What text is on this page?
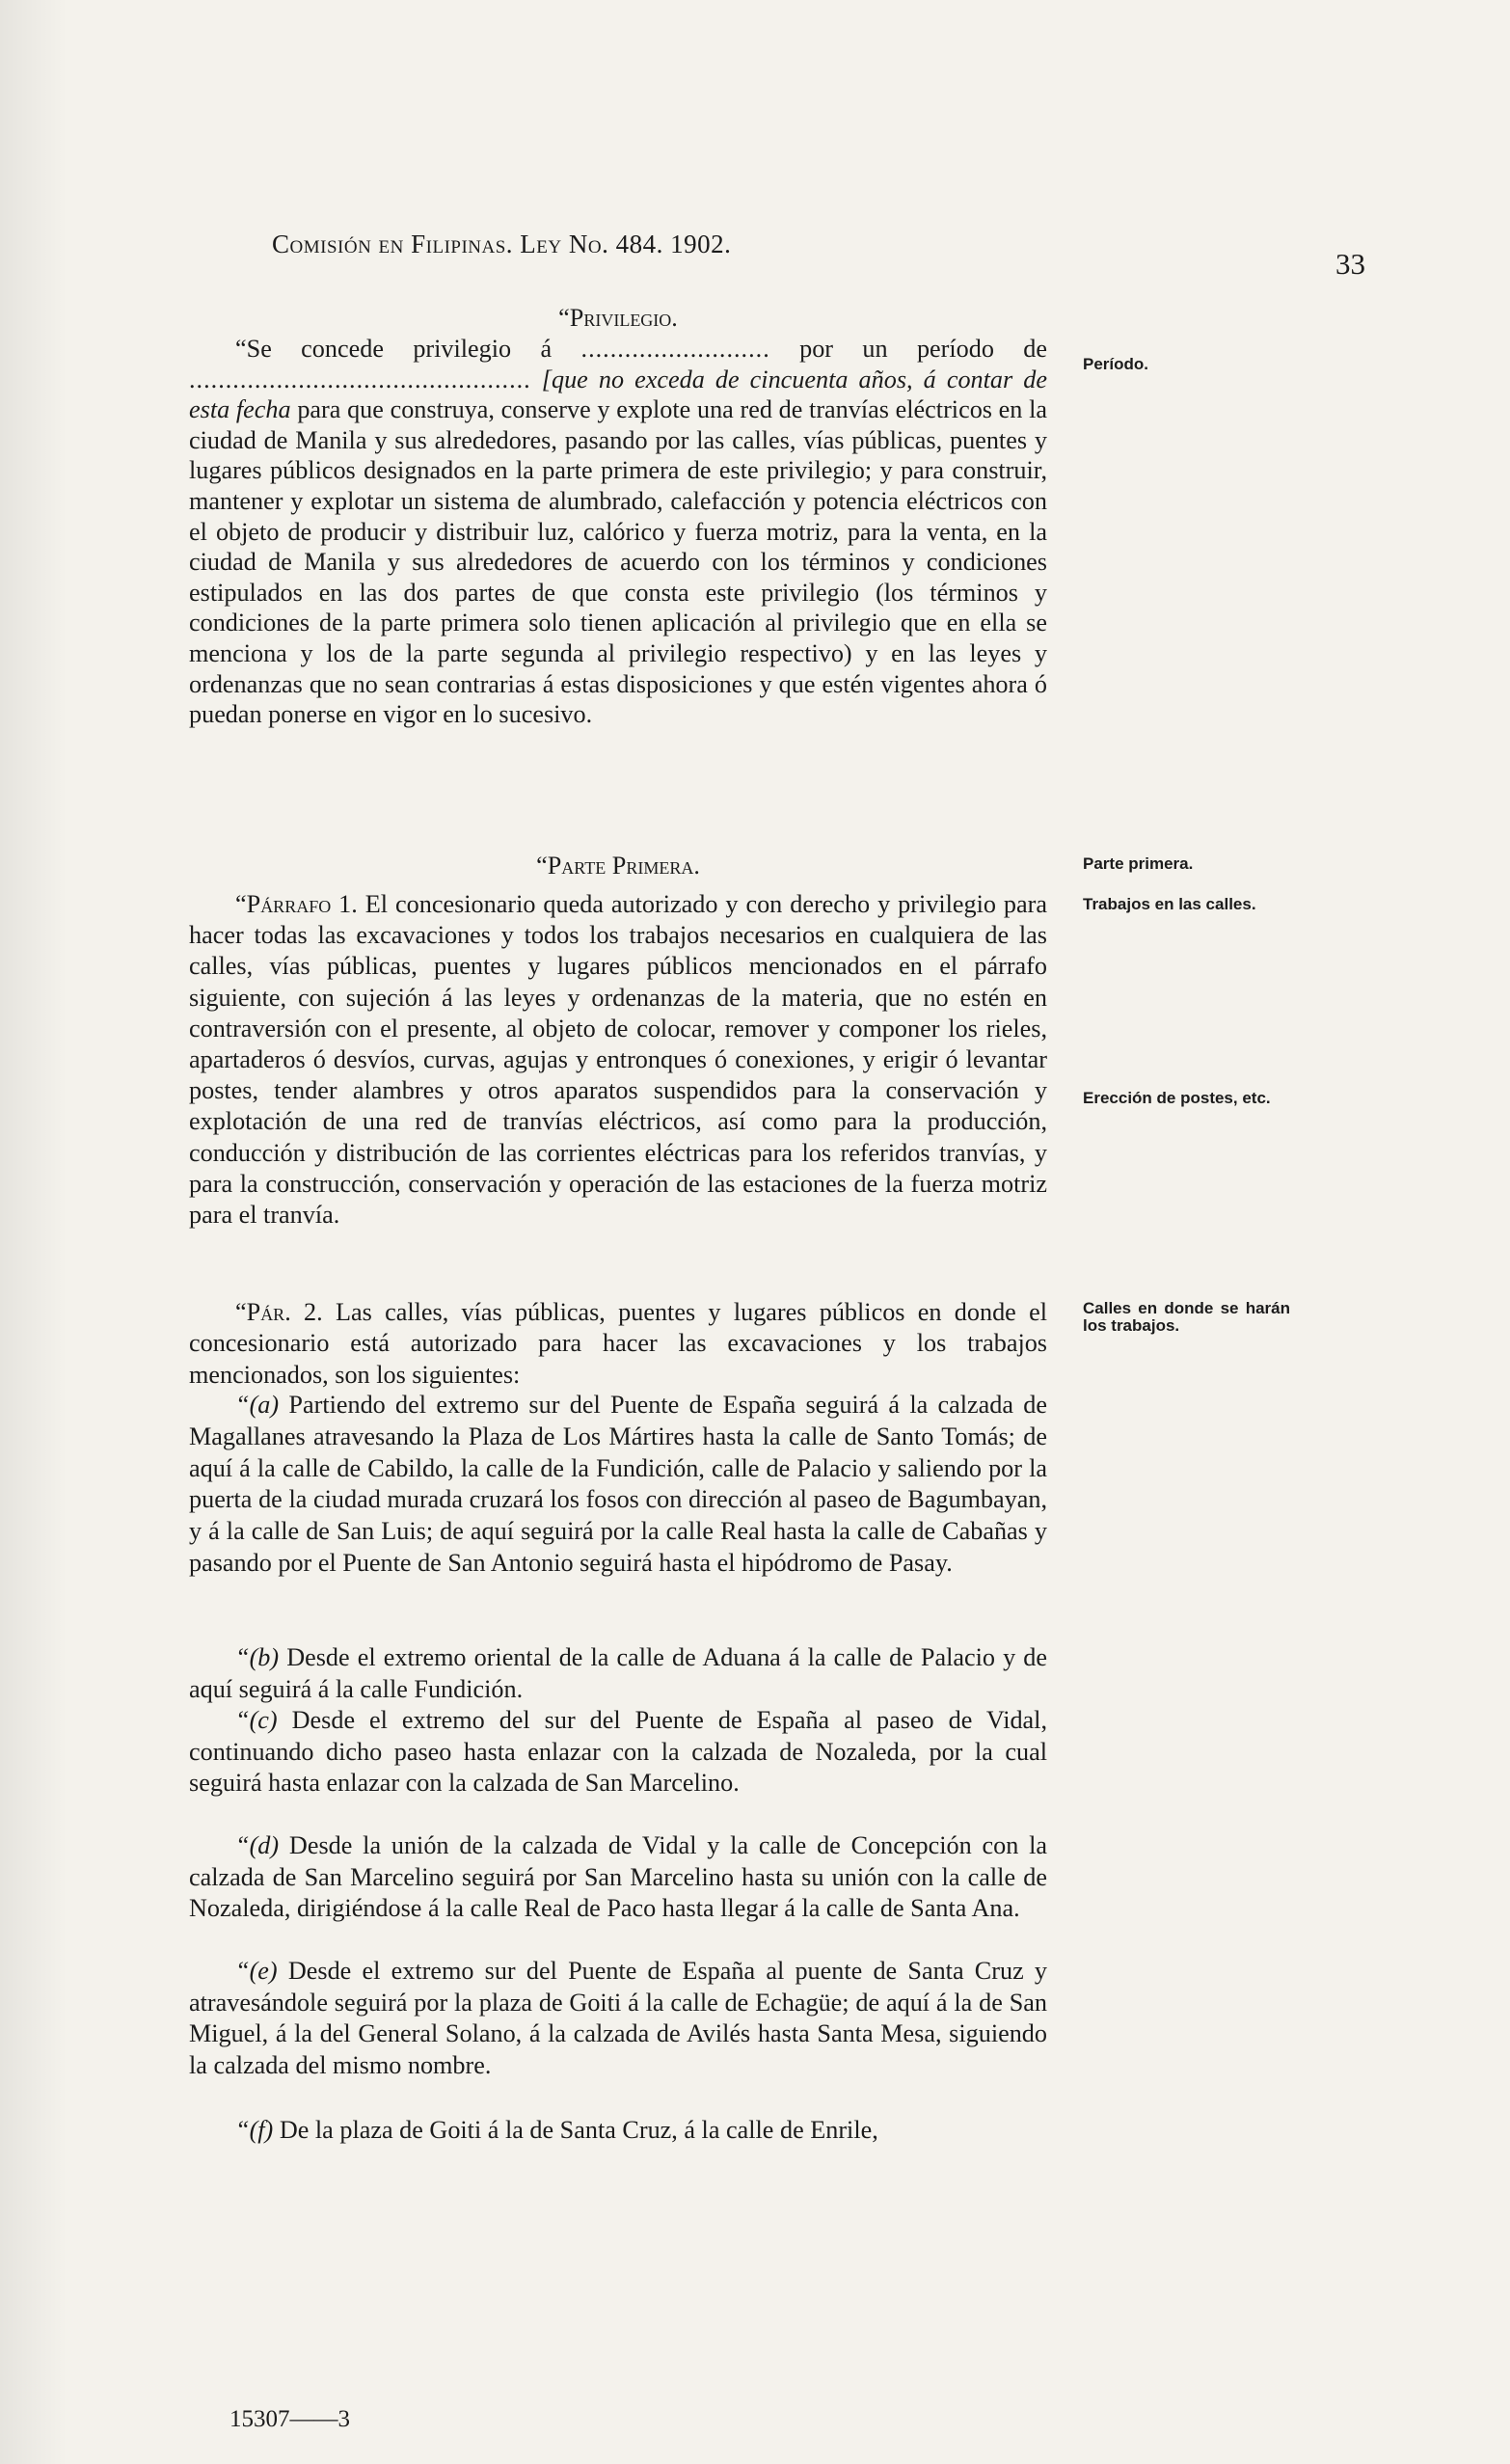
Comisión en Filipinas. Ley No. 484. 1902.
33

“Privilegio.

“Se concede privilegio á .......................... por un período de ............................................... [que no exceda de cincuenta años, á contar de esta fecha para que construya, conserve y explote una red de tranvías eléctricos en la ciudad de Manila y sus alrededores, pasando por las calles, vías públicas, puentes y lugares públicos designados en la parte primera de este privilegio; y para construir, mantener y explotar un sistema de alumbrado, calefacción y potencia eléctricos con el objeto de producir y distribuir luz, calórico y fuerza motriz, para la venta, en la ciudad de Manila y sus alrededores de acuerdo con los términos y condiciones estipulados en las dos partes de que consta este privilegio (los términos y condiciones de la parte primera solo tienen aplicación al privilegio que en ella se menciona y los de la parte segunda al privilegio respectivo) y en las leyes y ordenanzas que no sean contrarias á estas disposiciones y que estén vigentes ahora ó puedan ponerse en vigor en lo sucesivo.

“Parte Primera.

“Párrafo 1. El concesionario queda autorizado y con derecho y privilegio para hacer todas las excavaciones y todos los trabajos necesarios en cualquiera de las calles, vías públicas, puentes y lugares públicos mencionados en el párrafo siguiente, con sujeción á las leyes y ordenanzas de la materia, que no estén en contraversión con el presente, al objeto de colocar, remover y componer los rieles, apartaderos ó desvíos, curvas, agujas y entronques ó conexiones, y erigir ó levantar postes, tender alambres y otros aparatos suspendidos para la conservación y explotación de una red de tranvías eléctricos, así como para la producción, conducción y distribución de las corrientes eléctricas para los referidos tranvías, y para la construcción, conservación y operación de las estaciones de la fuerza motriz para el tranvía.

“Pár. 2. Las calles, vías públicas, puentes y lugares públicos en donde el concesionario está autorizado para hacer las excavaciones y los trabajos mencionados, son los siguientes:

“(a) Partiendo del extremo sur del Puente de España seguirá á la calzada de Magallanes atravesando la Plaza de Los Mártires hasta la calle de Santo Tomás; de aquí á la calle de Cabildo, la calle de la Fundición, calle de Palacio y saliendo por la puerta de la ciudad murada cruzará los fosos con dirección al paseo de Bagumbayan, y á la calle de San Luis; de aquí seguirá por la calle Real hasta la calle de Cabañas y pasando por el Puente de San Antonio seguirá hasta el hipódromo de Pasay.

“(b) Desde el extremo oriental de la calle de Aduana á la calle de Palacio y de aquí seguirá á la calle Fundición.

“(c) Desde el extremo del sur del Puente de España al paseo de Vidal, continuando dicho paseo hasta enlazar con la calzada de Nozaleda, por la cual seguirá hasta enlazar con la calzada de San Marcelino.

“(d) Desde la unión de la calzada de Vidal y la calle de Concepción con la calzada de San Marcelino seguirá por San Marcelino hasta su unión con la calle de Nozaleda, dirigiéndose á la calle Real de Paco hasta llegar á la calle de Santa Ana.

“(e) Desde el extremo sur del Puente de España al puente de Santa Cruz y atravesándole seguirá por la plaza de Goiti á la calle de Echagüe; de aquí á la de San Miguel, á la del General Solano, á la calzada de Avilés hasta Santa Mesa, siguiendo la calzada del mismo nombre.

“(f) De la plaza de Goiti á la de Santa Cruz, á la calle de Enrile,

Período.
Parte primera.
Trabajos en las calles.
Erección de postes, etc.
Calles en donde se harán los trabajos.
15307——3
